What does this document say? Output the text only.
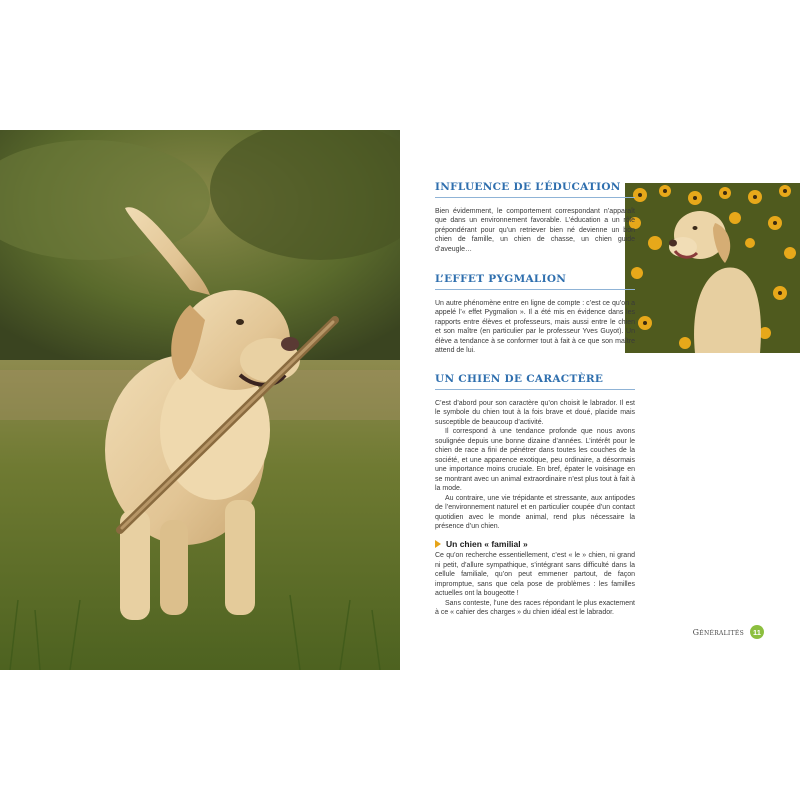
INFLUENCE DE L’ÉDUCATION

Bien évidemment, le comportement correspondant n’apparaît que dans un environnement favorable. L’éducation a un rôle prépondérant pour qu’un retriever bien né devienne un bon chien de famille, un chien de chasse, un chien guide d’aveugle…

L’EFFET PYGMALION

Un autre phénomène entre en ligne de compte : c’est ce qu’on a appelé l’« effet Pygmalion ». Il a été mis en évidence dans les rapports entre élèves et professeurs, mais aussi entre le chien et son maître (en particulier par le professeur Yves Guyot). Un élève a tendance à se conformer tout à fait à ce que son maître attend de lui.

UN CHIEN DE CARACTÈRE

C’est d’abord pour son caractère qu’on choisit le labrador. Il est le symbole du chien tout à la fois brave et doué, placide mais susceptible de beaucoup d’activité.

Il correspond à une tendance profonde que nous avons soulignée depuis une bonne dizaine d’années. L’intérêt pour le chien de race a fini de pénétrer dans toutes les couches de la société, et une apparence exotique, peu ordinaire, a désormais une importance moins cruciale. En bref, épater le voisinage en se montrant avec un animal extraordinaire n’est plus tout à fait à la mode.

Au contraire, une vie trépidante et stressante, aux antipodes de l’environnement naturel et en particulier coupée d’un contact quotidien avec le monde animal, rend plus nécessaire la présence d’un chien.

Un chien « familial »

Ce qu’on recherche essentiellement, c’est « le » chien, ni grand ni petit, d’allure sympathique, s’intégrant sans difficulté dans la cellule familiale, qu’on peut emmener partout, de façon impromptue, sans que cela pose de problèmes : les familles actuelles ont la bougeotte !

Sans conteste, l’une des races répondant le plus exactement à ce « cahier des charges » du chien idéal est le labrador.

Généralités	11
